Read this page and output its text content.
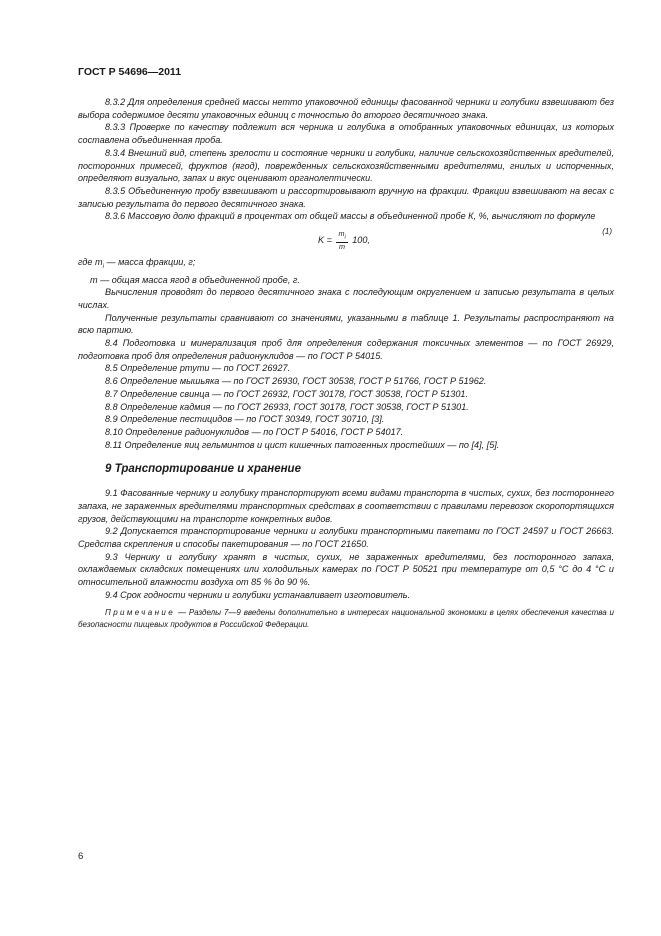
ГОСТ Р 54696—2011

8.3.2 Для определения средней массы нетто упаковочной единицы фасованной черники и голубики взвешивают без выбора содержимое десяти упаковочных единиц с точностью до второго десятичного знака.

8.3.3 Проверке по качеству подлежит вся черника и голубика в отобранных упаковочных единицах, из которых составлена объединенная проба.

8.3.4 Внешний вид, степень зрелости и состояние черники и голубики, наличие сельскохозяйственных вредителей, посторонних примесей, фруктов (ягод), поврежденных сельскохозяйственными вредителями, гнилых и испорченных, определяют визуально, запах и вкус оценивают органолептически.

8.3.5 Объединенную пробу взвешивают и рассортировывают вручную на фракции. Фракции взвешивают на весах с записью результата до первого десятичного знака.

8.3.6 Массовую долю фракций в процентах от общей массы в объединенной пробе К, %, вычисляют по формуле

$K = \frac{m_i}{m} 100$,
(1)

где $m_i$ — масса фракции, г;

m — общая масса ягод в объединенной пробе, г.

Вычисления проводят до первого десятичного знака с последующим округлением и записью результата в целых числах.

Полученные результаты сравнивают со значениями, указанными в таблице 1. Результаты распространяют на всю партию.

8.4 Подготовка и минерализация проб для определения содержания токсичных элементов — по ГОСТ 26929, подготовка проб для определения радионуклидов — по ГОСТ Р 54015.

8.5 Определение ртути — по ГОСТ 26927.

8.6 Определение мышьяка — по ГОСТ 26930, ГОСТ 30538, ГОСТ Р 51766, ГОСТ Р 51962.

8.7 Определение свинца — по ГОСТ 26932, ГОСТ 30178, ГОСТ 30538, ГОСТ Р 51301.

8.8 Определение кадмия — по ГОСТ 26933, ГОСТ 30178, ГОСТ 30538, ГОСТ Р 51301.

8.9 Определение пестицидов — по ГОСТ 30349, ГОСТ 30710, [3].

8.10 Определение радионуклидов — по ГОСТ Р 54016, ГОСТ Р 54017.

8.11 Определение яиц гельминтов и цист кишечных патогенных простейших — по [4], [5].

9 Транспортирование и хранение

9.1 Фасованные чернику и голубику транспортируют всеми видами транспорта в чистых, сухих, без постороннего запаха, не зараженных вредителями транспортных средствах в соответствии с правилами перевозок скоропортящихся грузов, действующими на транспорте конкретных видов.

9.2 Допускается транспортирование черники и голубики транспортными пакетами по ГОСТ 24597 и ГОСТ 26663. Средства скрепления и способы пакетирования — по ГОСТ 21650.

9.3 Чернику и голубику хранят в чистых, сухих, не зараженных вредителями, без посторонного запаха, охлаждаемых складских помещениях или холодильных камерах по ГОСТ Р 50521 при температуре от 0,5 °С до 4 °С и относительной влажности воздуха от 85 % до 90 %.

9.4 Срок годности черники и голубики устанавливает изготовитель.

Примечание — Разделы 7—9 введены дополнительно в интересах национальной экономики в целях обеспечения качества и безопасности пищевых продуктов в Российской Федерации.

6
